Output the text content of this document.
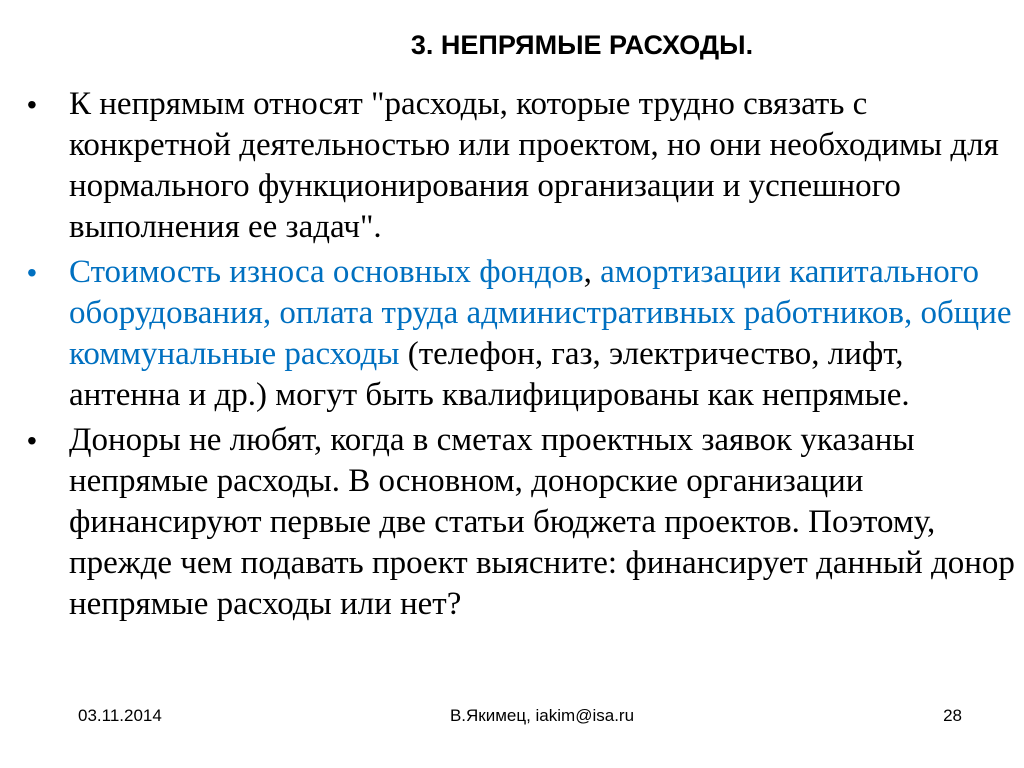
3. НЕПРЯМЫЕ РАСХОДЫ.
• К непрямым относят "расходы, которые трудно связать с конкретной деятельностью или проектом, но они необходимы для нормального функционирования организации и успешного выполнения ее задач".
• Стоимость износа основных фондов, амортизации капитального оборудования, оплата труда административных работников, общие коммунальные расходы (телефон, газ, электричество, лифт, антенна и др.) могут быть квалифицированы как непрямые.
• Доноры не любят, когда в сметах проектных заявок указаны непрямые расходы. В основном, донорские организации финансируют первые две статьи бюджета проектов. Поэтому, прежде чем подавать проект выясните: финансирует данный донор непрямые расходы или нет?
03.11.2014	В.Якимец, iakim@isa.ru	28
